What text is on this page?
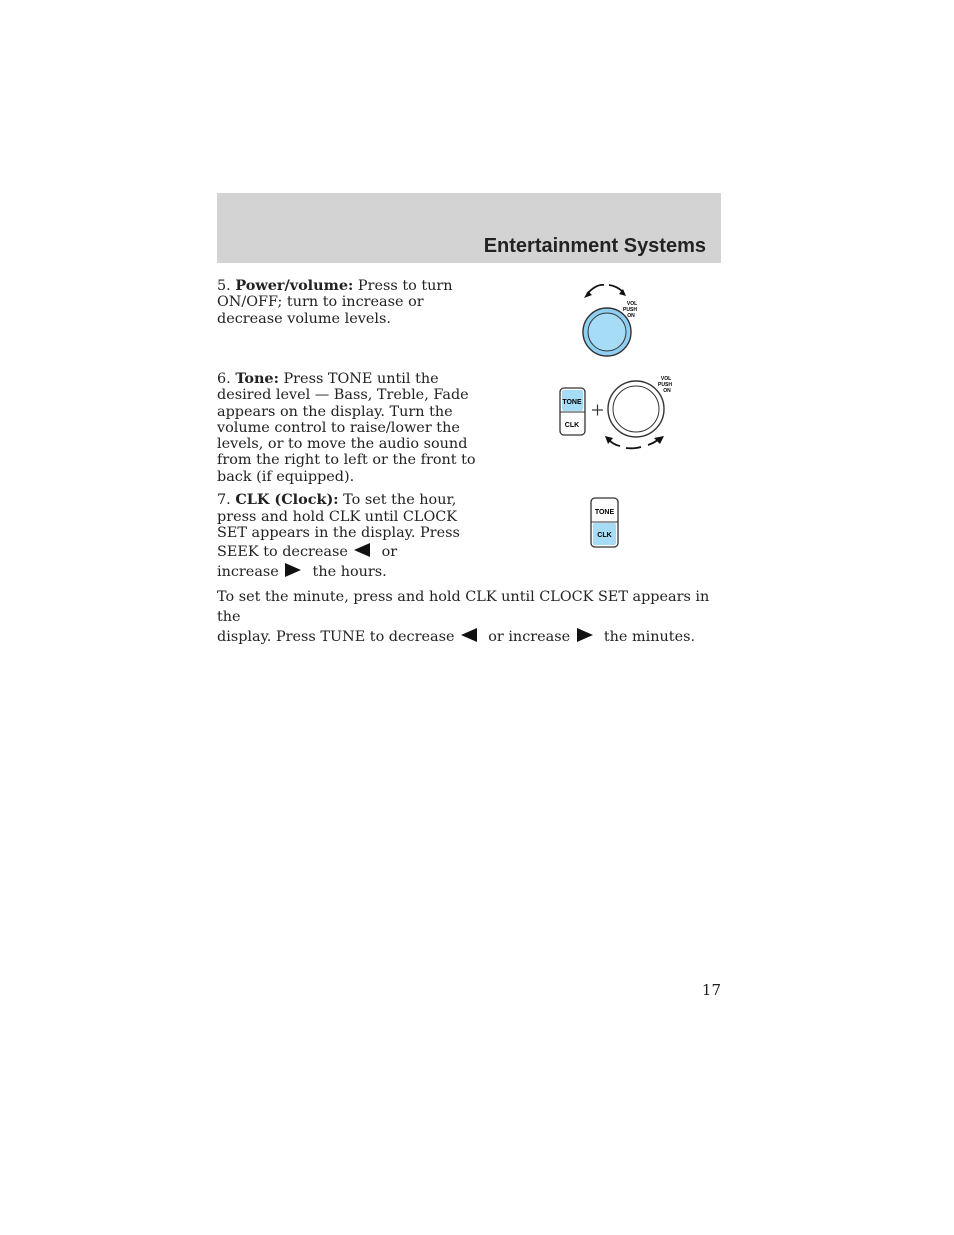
Entertainment Systems

5. Power/volume: Press to turn
ON/OFF; turn to increase or
decrease volume levels.

6. Tone: Press TONE until the
desired level — Bass, Treble, Fade
appears on the display. Turn the
volume control to raise/lower the
levels, or to move the audio sound
from the right to left or the front to
back (if equipped).

7. CLK (Clock): To set the hour,
press and hold CLK until CLOCK
SET appears in the display. Press
SEEK to decrease or
increase the hours.

To set the minute, press and hold CLK until CLOCK SET appears in the
display. Press TUNE to decrease or increase the minutes.

VOL
PUSH
ON
TONE
CLK
VOL
PUSH
ON
TONE
CLK
17
